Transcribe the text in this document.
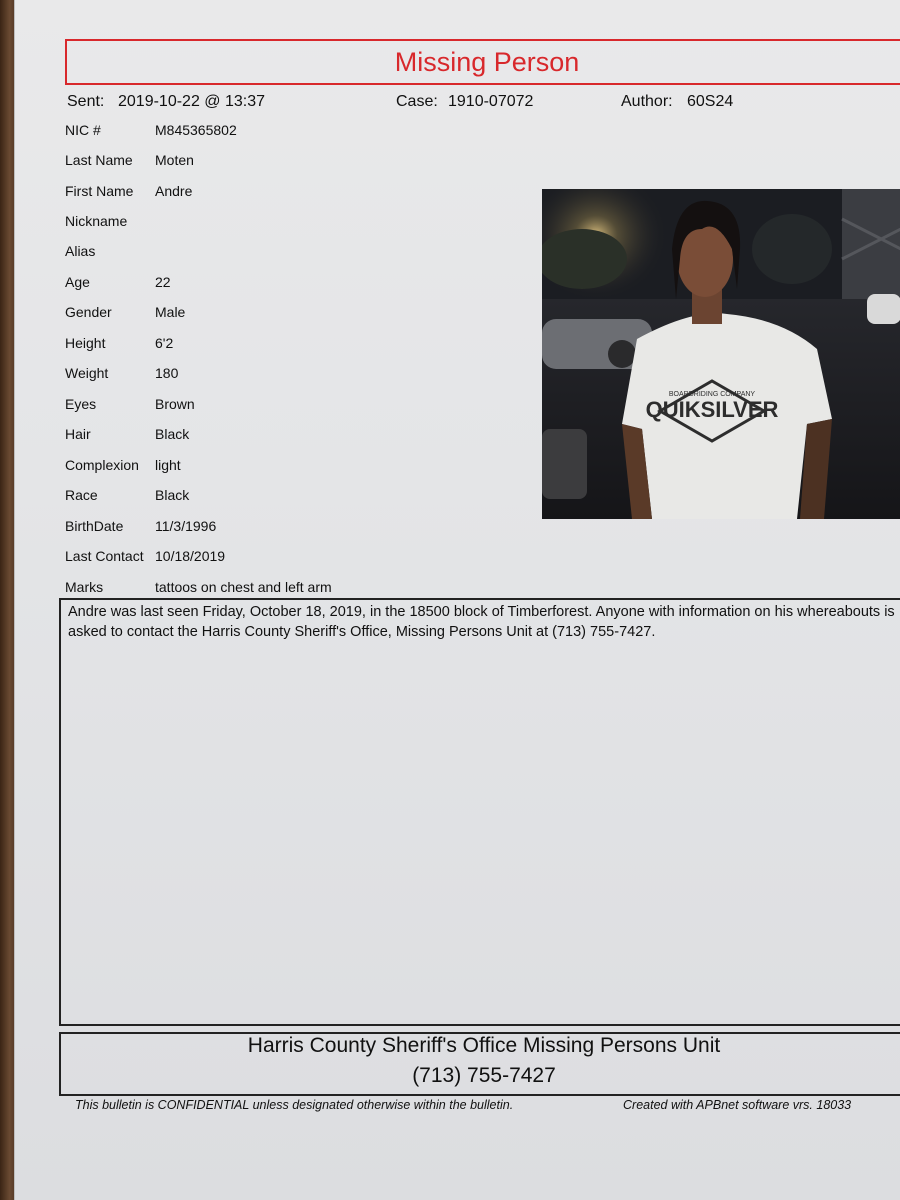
Missing Person
Sent: 2019-10-22 @ 13:37	Case: 1910-07072	Author: 60S24
NIC #	M845365802
Last Name Moten
First Name Andre
Nickname
Alias
Age	22
Gender	Male
Height	6'2
Weight	180
Eyes	Brown
Hair	Black
Complexion light
Race	Black
BirthDate 11/3/1996
Last Contact 10/18/2019
Marks	tattoos on chest and left arm
QUIKSILVER
BOARDRIDING COMPANY
Andre was last seen Friday, October 18, 2019, in the 18500 block of Timberforest. Anyone with information on his whereabouts is asked to contact the Harris County Sheriff's Office, Missing Persons Unit at (713) 755-7427.
Harris County Sheriff's Office Missing Persons Unit
(713) 755-7427
This bulletin is CONFIDENTIAL unless designated otherwise within the bulletin.	Created with APBnet software vrs. 18033
